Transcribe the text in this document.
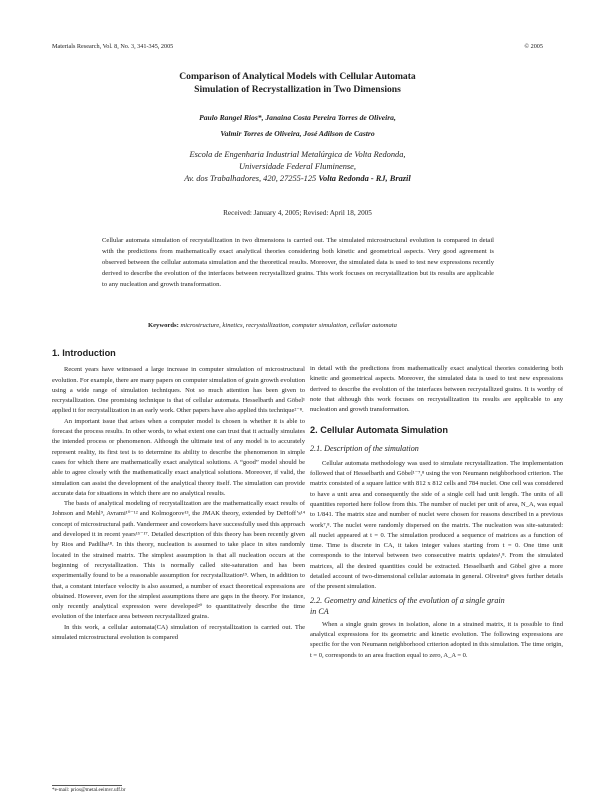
Materials Research, Vol. 8, No. 3, 341-345, 2005	© 2005
Comparison of Analytical Models with Cellular Automata
Simulation of Recrystallization in Two Dimensions
Paulo Rangel Rios*, Janaina Costa Pereira Torres de Oliveira,
Valmir Torres de Oliveira, José Adilson de Castro
Escola de Engenharia Industrial Metalúrgica de Volta Redonda,
Universidade Federal Fluminense,
Av. dos Trabalhadores, 420, 27255-125 Volta Redonda - RJ, Brazil
Received: January 4, 2005; Revised: April 18, 2005
Cellular automata simulation of recrystallization in two dimensions is carried out. The simulated microstructural evolution is compared in detail with the predictions from mathematically exact analytical theories considering both kinetic and geometrical aspects. Very good agreement is observed between the cellular automata simulation and the theoretical results. Moreover, the simulated data is used to test new expressions recently derived to describe the evolution of the interfaces between recrystallized grains. This work focuses on recrystallization but its results are applicable to any nucleation and growth transformation.
Keywords: microstructure, kinetics, recrystallization, computer simulation, cellular automata
1. Introduction

Recent years have witnessed a large increase in computer simulation of microstructural evolution. For example, there are many papers on computer simulation of grain growth evolution using a wide range of simulation techniques. Not so much attention has been given to recrystallization. One promising technique is that of cellular automata. Hesselbarth and Göbel¹ applied it for recrystallization in an early work. Other papers have also applied this technique²⁻⁸.

An important issue that arises when a computer model is chosen is whether it is able to forecast the process results. In other words, to what extent one can trust that it actually simulates the intended process or phenomenon. Although the ultimate test of any model is to accurately represent reality, its first test is to determine its ability to describe the phenomenon in simple cases for which there are mathematically exact analytical solutions. A “good” model should be able to agree closely with the mathematically exact analytical solutions. Moreover, if valid, the simulation can assist the development of the analytical theory itself. The simulation can provide accurate data for situations in which there are no analytical results.

The basis of analytical modeling of recrystallization are the mathematically exact results of Johnson and Mehl⁹, Avrami¹⁰⁻¹² and Kolmogorov¹³, the JMAK theory, extended by DeHoff’s¹⁴ concept of microstructural path. Vandermeer and coworkers have successfully used this approach and developed it in recent years¹⁵⁻¹⁷. Detailed description of this theory has been recently given by Rios and Padilha¹⁸. In this theory, nucleation is assumed to take place in sites randomly located in the strained matrix. The simplest assumption is that all nucleation occurs at the beginning of recrystallization. This is normally called site-saturation and has been experimentally found to be a reasonable assumption for recrystallization¹⁹. When, in addition to that, a constant interface velocity is also assumed, a number of exact theoretical expressions are obtained. However, even for the simplest assumptions there are gaps in the theory. For instance, only recently analytical expression were developed²⁰ to quantitatively describe the time evolution of the interface area between recrystallized grains.

In this work, a cellular automata(CA) simulation of recrystallization is carried out. The simulated microstructural evolution is compared

in detail with the predictions from mathematically exact analytical theories considering both kinetic and geometrical aspects. Moreover, the simulated data is used to test new expressions derived to describe the evolution of the interfaces between recrystallized grains. It is worthy of note that although this work focuses on recrystallization its results are applicable to any nucleation and growth transformation.

2. Cellular Automata Simulation
2.1. Description of the simulation

Cellular automata methodology was used to simulate recrystallization. The implementation followed that of Hesselbarth and Göbel¹⁻⁷,⁸ using the von Neumann neighborhood criterion. The matrix consisted of a square lattice with 812 x 812 cells and 784 nuclei. One cell was considered to have a unit area and consequently the side of a single cell had unit length. The units of all quantities reported here follow from this. The number of nuclei per unit of area, N_A, was equal to 1/841. The matrix size and number of nuclei were chosen for reasons described in a previous work⁷,⁸. The nuclei were randomly dispersed on the matrix. The nucleation was site-saturated: all nuclei appeared at t = 0. The simulation produced a sequence of matrices as a function of time. Time is discrete in CA, it takes integer values starting from t = 0. One time unit corresponds to the interval between two consecutive matrix updates¹,⁸. From the simulated matrices, all the desired quantities could be extracted. Hesselbarth and Göbel give a more detailed account of two-dimensional cellular automata in general. Oliveira⁸ gives further details of the present simulation.

2.2. Geometry and kinetics of the evolution of a single grain
in CA

When a single grain grows in isolation, alone in a strained matrix, it is possible to find analytical expressions for its geometric and kinetic evolution. The following expressions are specific for the von Neumann neighborhood criterion adopted in this simulation. The time origin, t = 0, corresponds to an area fraction equal to zero, A_A = 0.

*e-mail: prios@metal.eeimvr.uff.br
